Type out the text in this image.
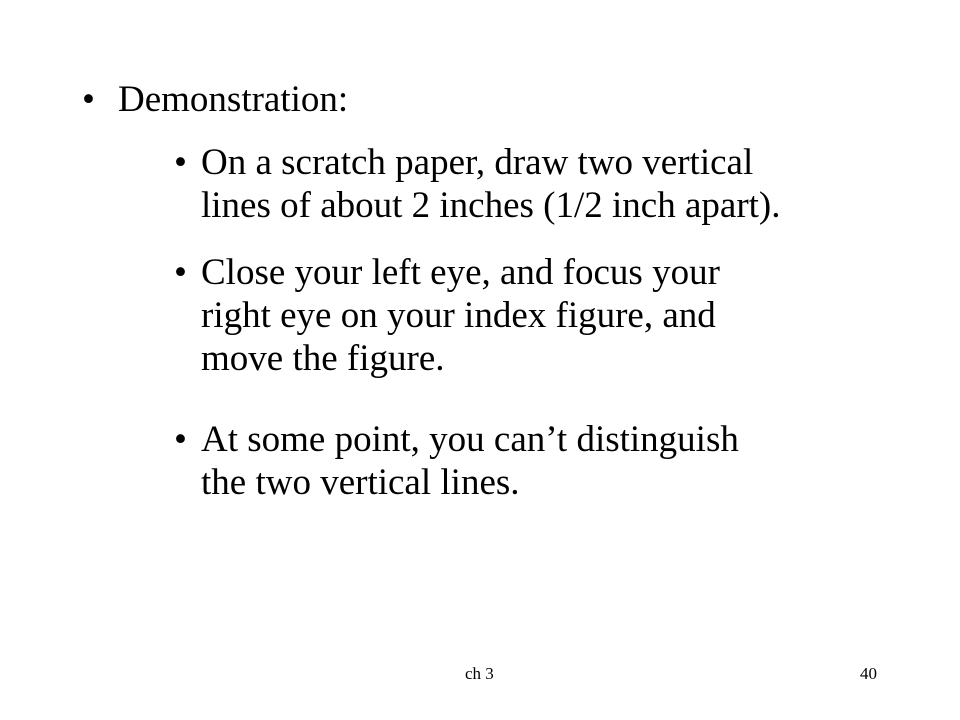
• Demonstration:
• On a scratch paper, draw two vertical
lines of about 2 inches (1/2 inch apart).
• Close your left eye, and focus your
right eye on your index figure, and
move the figure.
• At some point, you can’t distinguish
the two vertical lines.
ch 3	40
